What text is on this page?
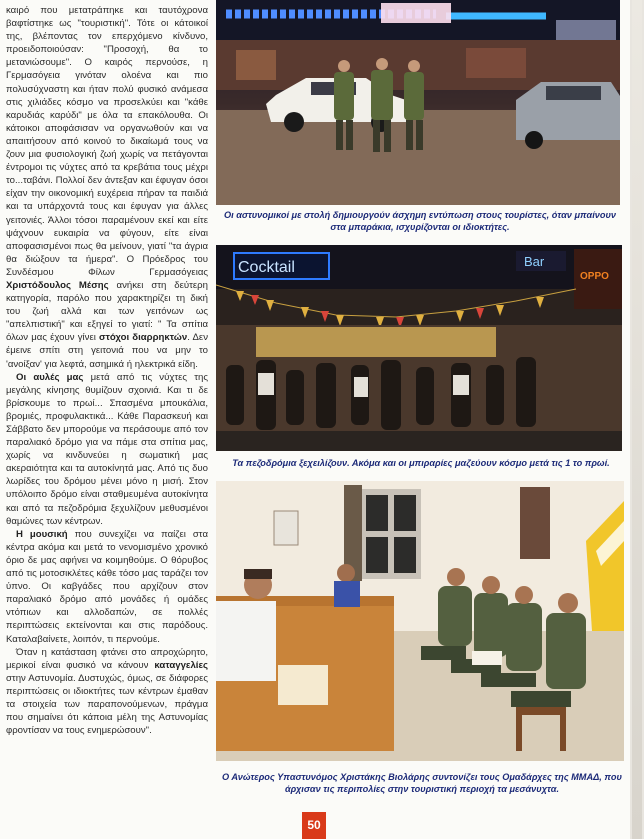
καιρό που μετατράπηκε και ταυτόχρονα βαφτίστηκε ως "τουριστική". Τότε οι κάτοικοί της, βλέποντας τον επερχόμενο κίνδυνο, προειδοποιούσαν: "Προσοχή, θα το μετανιώσουμε". Ο καιρός περνούσε, η Γερμασόγεια γινόταν ολοένα και πιο πολυσύχναστη και ήταν πολύ φυσικό ανάμεσα στις χιλιάδες κόσμο να προσελκύει και "κάθε καρυδιάς καρύδι" με όλα τα επακόλουθα. Οι κάτοικοι αποφάσισαν να οργανωθούν και να απαιτήσουν από κοινού το δικαίωμά τους να ζουν μια φυσιολογική ζωή χωρίς να πετάγονται έντρομοι τις νύχτες από τα κρεβάτια τους μέχρι το...ταβάνι. Πολλοί δεν άντεξαν και έφυγαν όσοι είχαν την οικονομική ευχέρεια πήραν τα παιδιά και τα υπάρχοντά τους και έφυγαν για άλλες γειτονιές. Άλλοι τόσοι παραμένουν εκεί και είτε ψάχνουν ευκαιρία να φύγουν, είτε είναι αποφασισμένοι πως θα μείνουν, γιατί "τα άγρια θα διώξουν τα ήμερα". Ο Πρόεδρος του Συνδέσμου Φίλων Γερμασόγειας Χριστόδουλος Μέσης ανήκει στη δεύτερη κατηγορία, παρόλο που χαρακτηρίζει τη δική του ζωή αλλά και των γειτόνων ως "απελπιστική" και εξηγεί το γιατί: " Τα σπίτια όλων μας έχουν γίνει στόχοι διαρρηκτών. Δεν έμεινε σπίτι στη γειτονιά που να μην το 'ανοίξαν' για λεφτά, ασημικά ή ηλεκτρικά είδη.

Οι αυλές μας μετά από τις νύχτες της μεγάλης κίνησης θυμίζουν σχοινιά. Και τι δε βρίσκουμε το πρωί... Σπασμένα μπουκάλια, βρομιές, προφυλακτικά... Κάθε Παρασκευή και Σάββατο δεν μπορούμε να περάσουμε από τον παραλιακό δρόμο για να πάμε στα σπίτια μας, χωρίς να κινδυνεύει η σωματική μας ακεραιότητα και τα αυτοκίνητά μας. Από τις δυο λωρίδες του δρόμου μένει μόνο η μισή. Στον υπόλοιπο δρόμο είναι σταθμευμένα αυτοκίνητα και από τα πεζοδρόμια ξεχυλίζουν μεθυσμένοι θαμώνες των κέντρων.

Η μουσική που συνεχίζει να παίζει στα κέντρα ακόμα και μετά το νενομισμένο χρονικό όριο δε μας αφήνει να κοιμηθούμε. Ο θόρυβος από τις μοτοσικλέτες κάθε τόσο μας ταράζει τον ύπνο. Οι καβγάδες που αρχίζουν στον παραλιακό δρόμο από μονάδες ή ομάδες ντόπιων και αλλοδαπών, σε πολλές περιπτώσεις εκτείνονται και στις παρόδους. Καταλαβαίνετε, λοιπόν, τι περνούμε.

Όταν η κατάσταση φτάνει στο απροχώρητο, μερικοί είναι φυσικό να κάνουν καταγγελίες στην Αστυνομία. Δυστυχώς, όμως, σε διάφορες περιπτώσεις οι ιδιοκτήτες των κέντρων έμαθαν τα στοιχεία των παραπονούμενων, πράγμα που σημαίνει ότι κάποια μέλη της Αστυνομίας φροντίσαν να τους ενημερώσουν".

Οι αστυνομικοί με στολή δημιουργούν άσχημη εντύπωση στους τουρίστες, όταν μπαίνουν στα μπαράκια, ισχυρίζονται οι ιδιοκτήτες.
Cocktail	Bar
OPPO
Τα πεζοδρόμια ξεχειλίζουν. Ακόμα και οι μπιραρίες μαζεύουν κόσμο μετά τις 1 το πρωί.
Ο Ανώτερος Υπαστυνόμος Χριστάκης Βιολάρης συντονίζει τους Ομαδάρχες της ΜΜΑΔ, που άρχισαν τις περιπολίες στην τουριστική περιοχή τα μεσάνυχτα.
50
